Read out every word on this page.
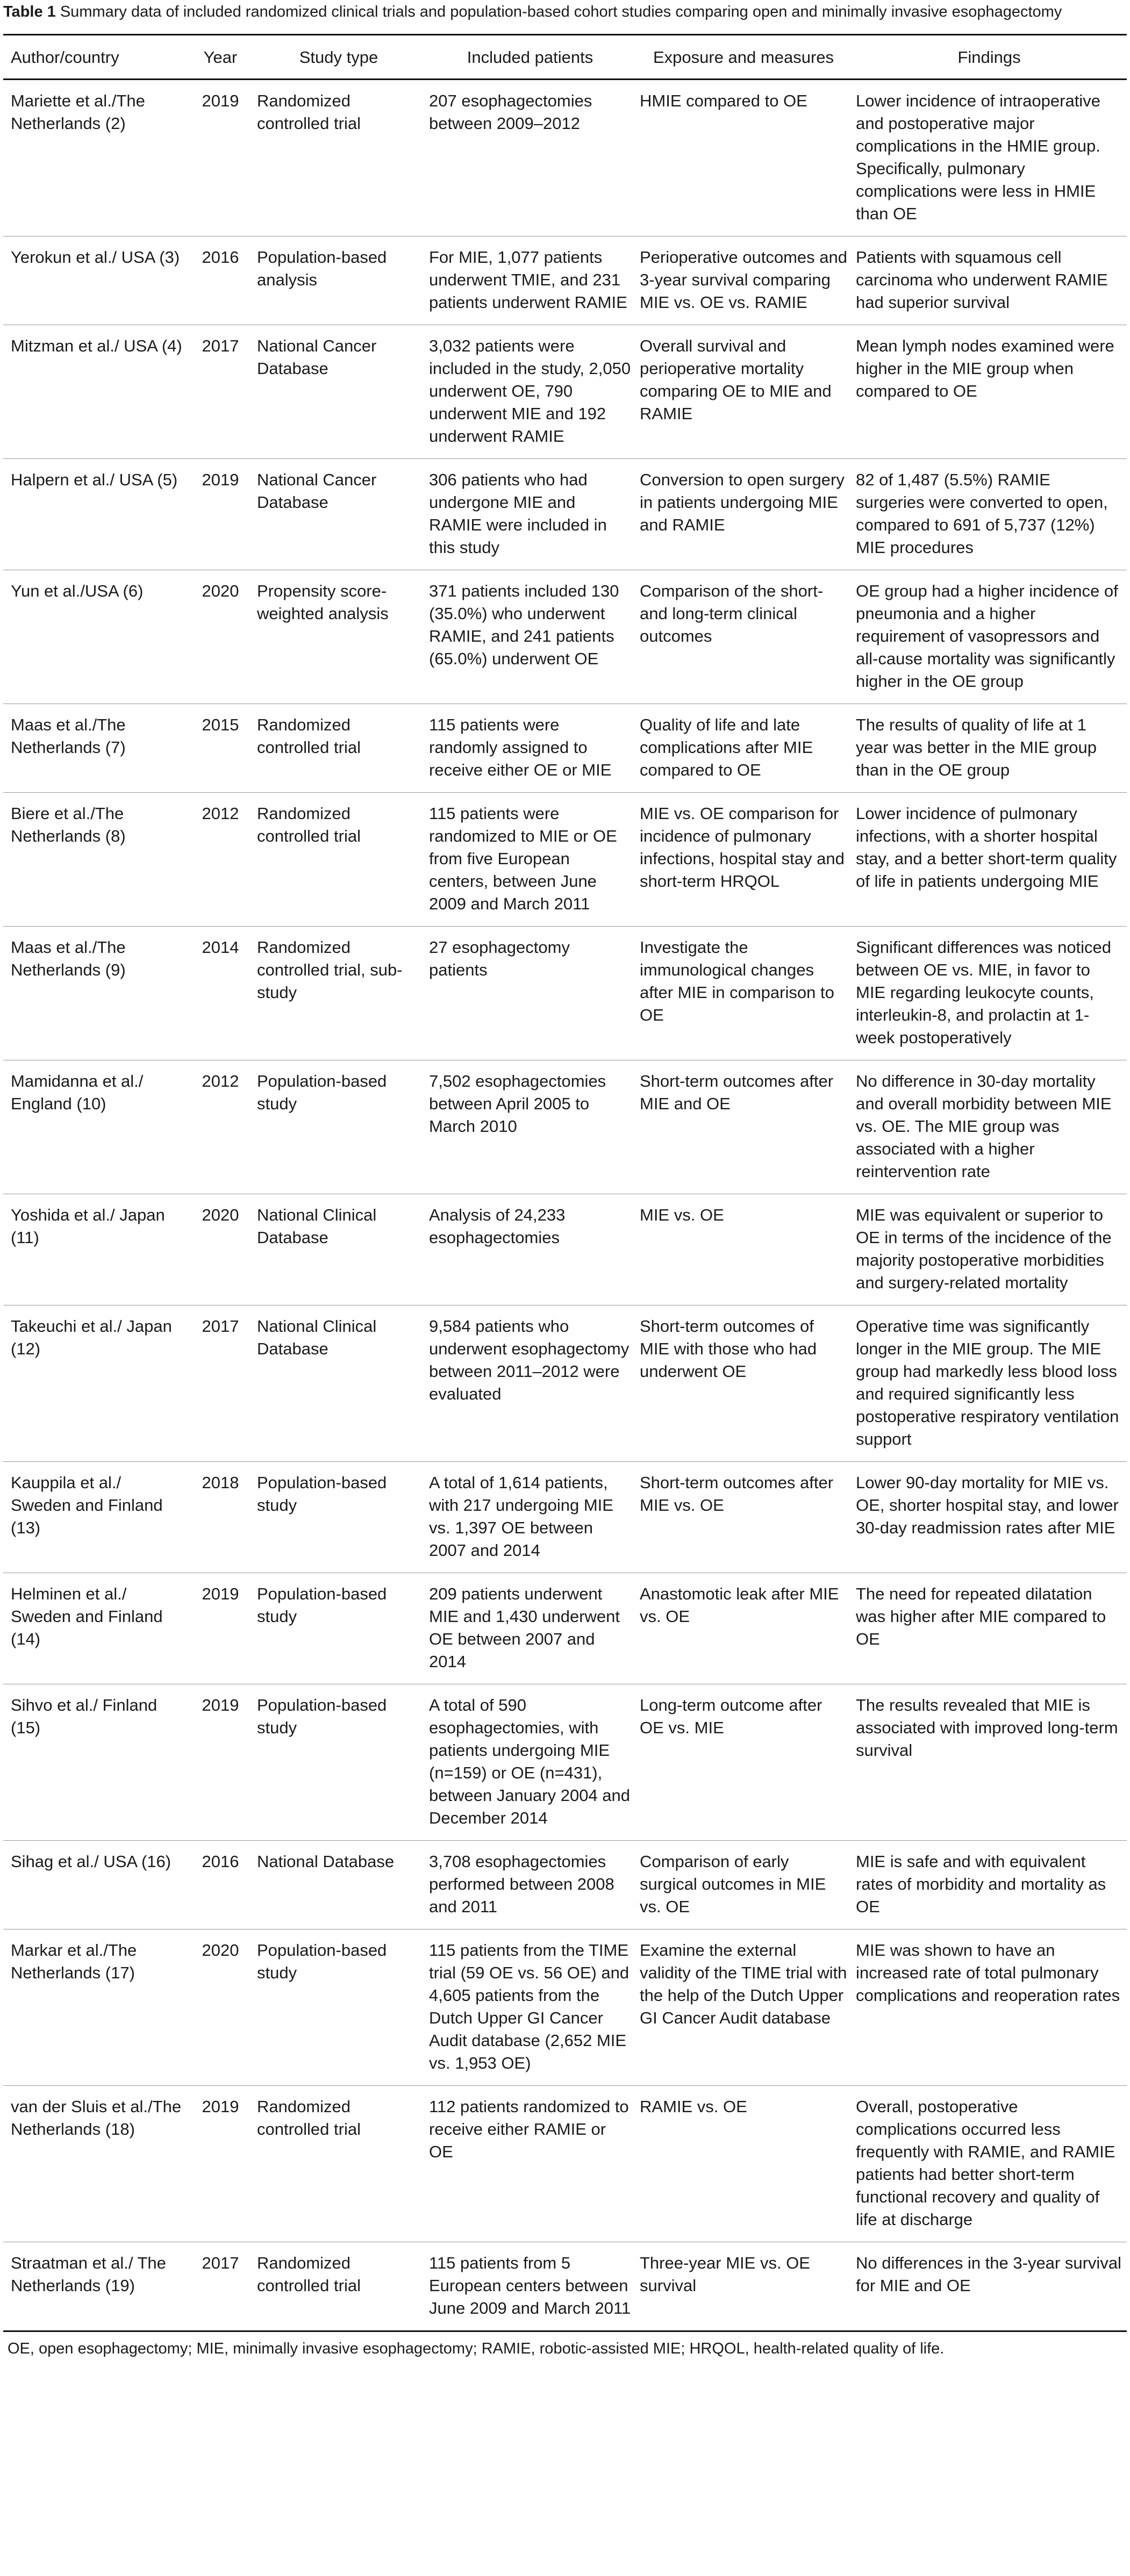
Table 1 Summary data of included randomized clinical trials and population-based cohort studies comparing open and minimally invasive esophagectomy
Author/country	Year	Study type	Included patients	Exposure and measures	Findings
Mariette et al./The Netherlands (2)	2019	Randomized controlled trial	207 esophagectomies between 2009–2012	HMIE compared to OE	Lower incidence of intraoperative and postoperative major complications in the HMIE group. Specifically, pulmonary complications were less in HMIE than OE
Yerokun et al./ USA (3)	2016	Population-based analysis	For MIE, 1,077 patients underwent TMIE, and 231 patients underwent RAMIE	Perioperative outcomes and 3-year survival comparing MIE vs. OE vs. RAMIE	Patients with squamous cell carcinoma who underwent RAMIE had superior survival
Mitzman et al./ USA (4)	2017	National Cancer Database	3,032 patients were included in the study, 2,050 underwent OE, 790 underwent MIE and 192 underwent RAMIE	Overall survival and perioperative mortality comparing OE to MIE and RAMIE	Mean lymph nodes examined were higher in the MIE group when compared to OE
Halpern et al./ USA (5)	2019	National Cancer Database	306 patients who had undergone MIE and RAMIE were included in this study	Conversion to open surgery in patients undergoing MIE and RAMIE	82 of 1,487 (5.5%) RAMIE surgeries were converted to open, compared to 691 of 5,737 (12%) MIE procedures
Yun et al./USA (6)	2020	Propensity score-weighted analysis	371 patients included 130 (35.0%) who underwent RAMIE, and 241 patients (65.0%) underwent OE	Comparison of the short- and long-term clinical outcomes	OE group had a higher incidence of pneumonia and a higher requirement of vasopressors and all-cause mortality was significantly higher in the OE group
Maas et al./The Netherlands (7)	2015	Randomized controlled trial	115 patients were randomly assigned to receive either OE or MIE	Quality of life and late complications after MIE compared to OE	The results of quality of life at 1 year was better in the MIE group than in the OE group
Biere et al./The Netherlands (8)	2012	Randomized controlled trial	115 patients were randomized to MIE or OE from five European centers, between June 2009 and March 2011	MIE vs. OE comparison for incidence of pulmonary infections, hospital stay and short-term HRQOL	Lower incidence of pulmonary infections, with a shorter hospital stay, and a better short-term quality of life in patients undergoing MIE
Maas et al./The Netherlands (9)	2014	Randomized controlled trial, sub-study	27 esophagectomy patients	Investigate the immunological changes after MIE in comparison to OE	Significant differences was noticed between OE vs. MIE, in favor to MIE regarding leukocyte counts, interleukin-8, and prolactin at 1-week postoperatively
Mamidanna et al./ England (10)	2012	Population-based study	7,502 esophagectomies between April 2005 to March 2010	Short-term outcomes after MIE and OE	No difference in 30-day mortality and overall morbidity between MIE vs. OE. The MIE group was associated with a higher reintervention rate
Yoshida et al./ Japan (11)	2020	National Clinical Database	Analysis of 24,233 esophagectomies	MIE vs. OE	MIE was equivalent or superior to OE in terms of the incidence of the majority postoperative morbidities and surgery-related mortality
Takeuchi et al./ Japan (12)	2017	National Clinical Database	9,584 patients who underwent esophagectomy between 2011–2012 were evaluated	Short-term outcomes of MIE with those who had underwent OE	Operative time was significantly longer in the MIE group. The MIE group had markedly less blood loss and required significantly less postoperative respiratory ventilation support
Kauppila et al./ Sweden and Finland (13)	2018	Population-based study	A total of 1,614 patients, with 217 undergoing MIE vs. 1,397 OE between 2007 and 2014	Short-term outcomes after MIE vs. OE	Lower 90-day mortality for MIE vs. OE, shorter hospital stay, and lower 30-day readmission rates after MIE
Helminen et al./ Sweden and Finland (14)	2019	Population-based study	209 patients underwent MIE and 1,430 underwent OE between 2007 and 2014	Anastomotic leak after MIE vs. OE	The need for repeated dilatation was higher after MIE compared to OE
Sihvo et al./ Finland (15)	2019	Population-based study	A total of 590 esophagectomies, with patients undergoing MIE (n=159) or OE (n=431), between January 2004 and December 2014	Long-term outcome after OE vs. MIE	The results revealed that MIE is associated with improved long-term survival
Sihag et al./ USA (16)	2016	National Database	3,708 esophagectomies performed between 2008 and 2011	Comparison of early surgical outcomes in MIE vs. OE	MIE is safe and with equivalent rates of morbidity and mortality as OE
Markar et al./The Netherlands (17)	2020	Population-based study	115 patients from the TIME trial (59 OE vs. 56 OE) and 4,605 patients from the Dutch Upper GI Cancer Audit database (2,652 MIE vs. 1,953 OE)	Examine the external validity of the TIME trial with the help of the Dutch Upper GI Cancer Audit database	MIE was shown to have an increased rate of total pulmonary complications and reoperation rates
van der Sluis et al./The Netherlands (18)	2019	Randomized controlled trial	112 patients randomized to receive either RAMIE or OE	RAMIE vs. OE	Overall, postoperative complications occurred less frequently with RAMIE, and RAMIE patients had better short-term functional recovery and quality of life at discharge
Straatman et al./ The Netherlands (19)	2017	Randomized controlled trial	115 patients from 5 European centers between June 2009 and March 2011	Three-year MIE vs. OE survival	No differences in the 3-year survival for MIE and OE
OE, open esophagectomy; MIE, minimally invasive esophagectomy; RAMIE, robotic-assisted MIE; HRQOL, health-related quality of life.
